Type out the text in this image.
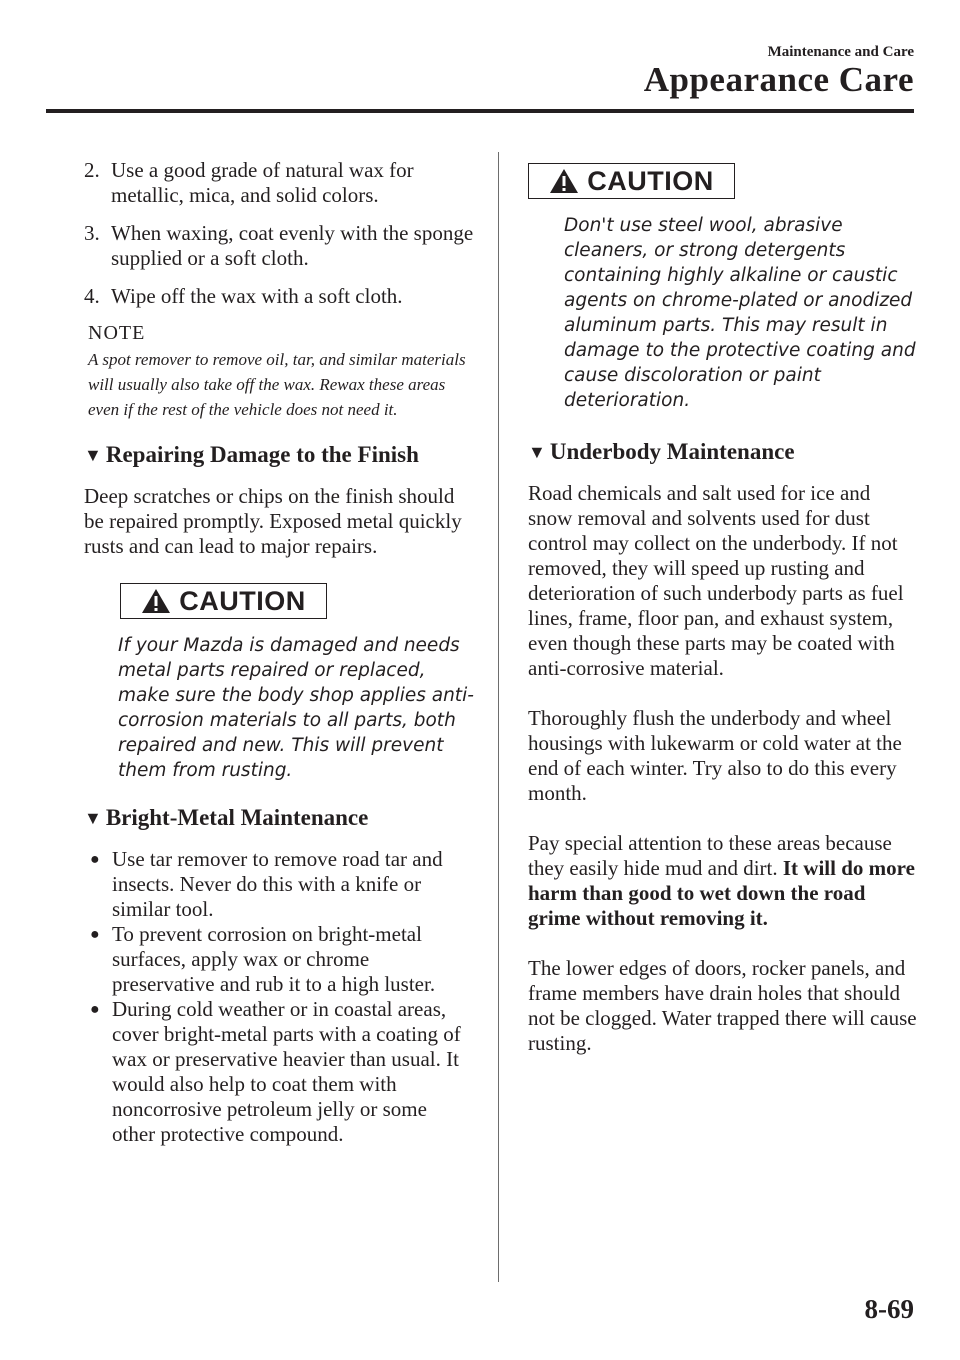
Maintenance and Care
Appearance Care
2. Use a good grade of natural wax for metallic, mica, and solid colors.
3. When waxing, coat evenly with the sponge supplied or a soft cloth.
4. Wipe off the wax with a soft cloth.
NOTE
A spot remover to remove oil, tar, and similar materials will usually also take off the wax. Rewax these areas even if the rest of the vehicle does not need it.
▼ Repairing Damage to the Finish
Deep scratches or chips on the finish should be repaired promptly. Exposed metal quickly rusts and can lead to major repairs.
CAUTION
If your Mazda is damaged and needs metal parts repaired or replaced, make sure the body shop applies anti-corrosion materials to all parts, both repaired and new. This will prevent them from rusting.
▼ Bright-Metal Maintenance
● Use tar remover to remove road tar and insects. Never do this with a knife or similar tool.
● To prevent corrosion on bright-metal surfaces, apply wax or chrome preservative and rub it to a high luster.
● During cold weather or in coastal areas, cover bright-metal parts with a coating of wax or preservative heavier than usual. It would also help to coat them with noncorrosive petroleum jelly or some other protective compound.
CAUTION
Don't use steel wool, abrasive cleaners, or strong detergents containing highly alkaline or caustic agents on chrome-plated or anodized aluminum parts. This may result in damage to the protective coating and cause discoloration or paint deterioration.
▼ Underbody Maintenance
Road chemicals and salt used for ice and snow removal and solvents used for dust control may collect on the underbody. If not removed, they will speed up rusting and deterioration of such underbody parts as fuel lines, frame, floor pan, and exhaust system, even though these parts may be coated with anti-corrosive material.
Thoroughly flush the underbody and wheel housings with lukewarm or cold water at the end of each winter. Try also to do this every month.
Pay special attention to these areas because they easily hide mud and dirt. It will do more harm than good to wet down the road grime without removing it.
The lower edges of doors, rocker panels, and frame members have drain holes that should not be clogged. Water trapped there will cause rusting.
8-69
